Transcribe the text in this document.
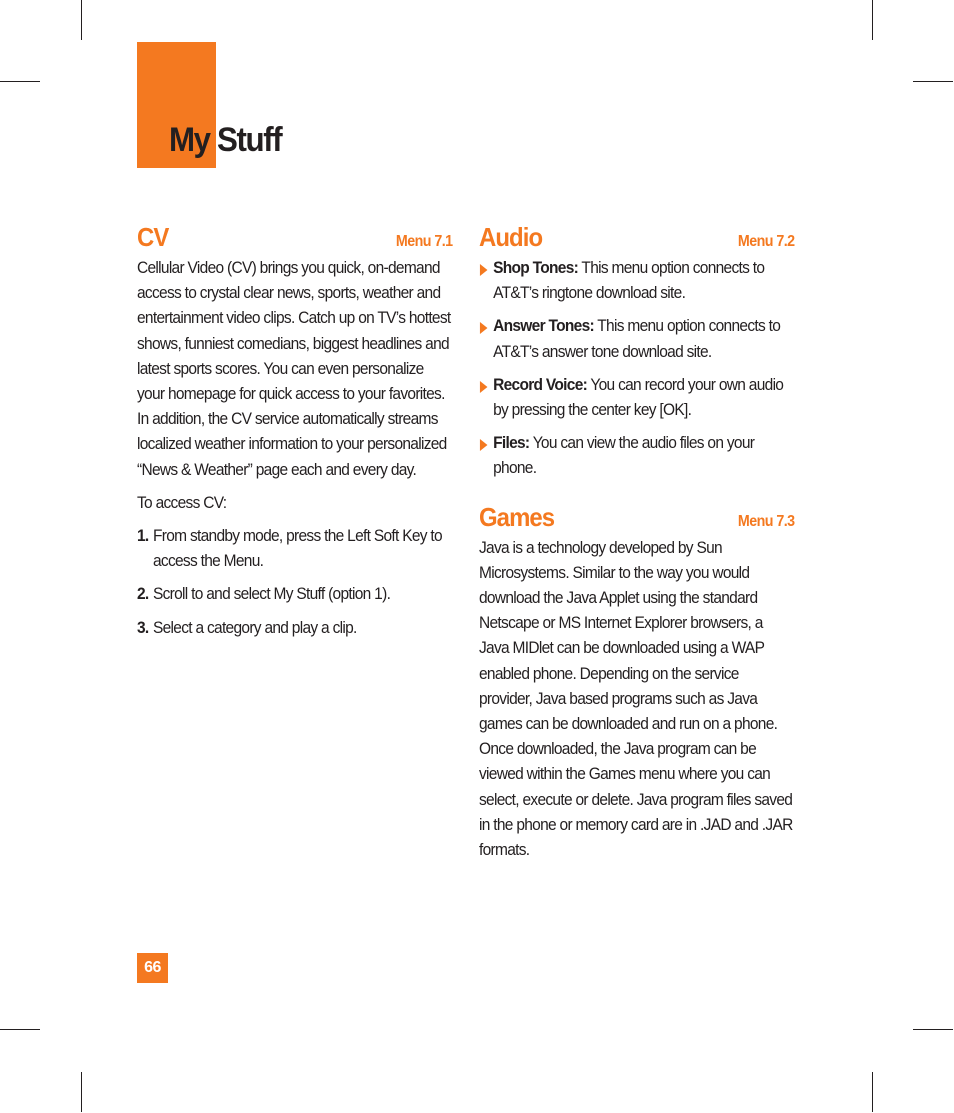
My Stuff
CV	Menu 7.1

Cellular Video (CV) brings you quick, on-demand access to crystal clear news, sports, weather and entertainment video clips. Catch up on TV’s hottest shows, funniest comedians, biggest headlines and latest sports scores. You can even personalize your homepage for quick access to your favorites. In addition, the CV service automatically streams localized weather information to your personalized “News & Weather” page each and every day.

To access CV:

1. From standby mode, press the Left Soft Key to access the Menu.
2. Scroll to and select My Stuff (option 1).
3. Select a category and play a clip.
Audio	Menu 7.2
Shop Tones: This menu option connects to AT&T’s ringtone download site.
Answer Tones: This menu option connects to AT&T’s answer tone download site.
Record Voice: You can record your own audio by pressing the center key [OK].
Files: You can view the audio files on your phone.
Games	Menu 7.3

Java is a technology developed by Sun Microsystems. Similar to the way you would download the Java Applet using the standard Netscape or MS Internet Explorer browsers, a Java MIDlet can be downloaded using a WAP enabled phone. Depending on the service provider, Java based programs such as Java games can be downloaded and run on a phone. Once downloaded, the Java program can be viewed within the Games menu where you can select, execute or delete. Java program files saved in the phone or memory card are in .JAD and .JAR formats.

66
